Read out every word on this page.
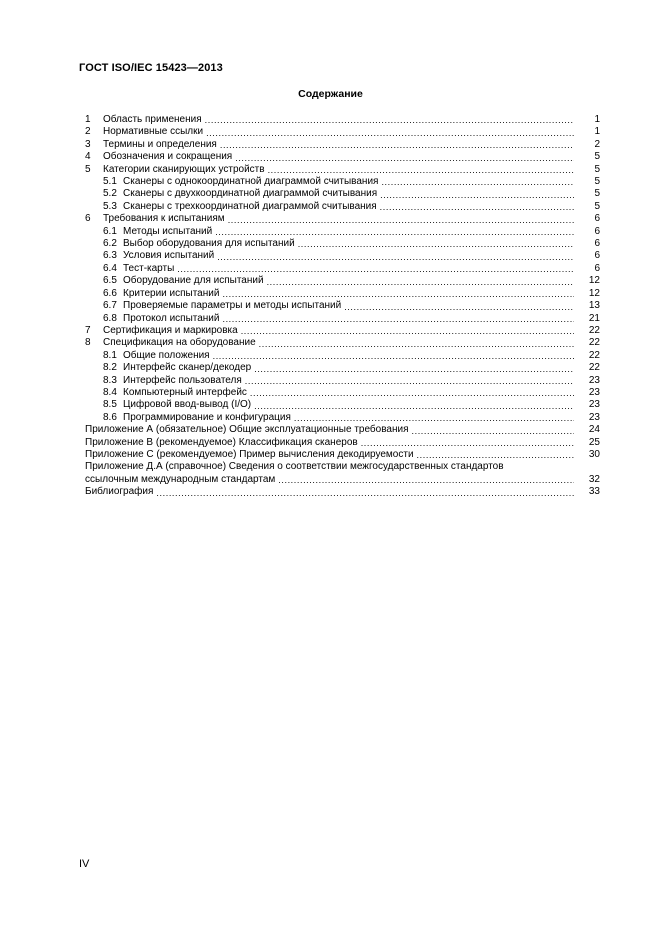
ГОСТ ISO/IEC 15423—2013
Содержание
1	Область применения .....	1
2	Нормативные ссылки .....	1
3	Термины и определения .....	2
4	Обозначения и сокращения .....	5
5	Категории сканирующих устройств .....	5
5.1 Сканеры с однокоординатной диаграммой считывания .....	5
5.2 Сканеры с двухкоординатной диаграммой считывания .....	5
5.3 Сканеры с трехкоординатной диаграммой считывания .....	5
6	Требования к испытаниям .....	6
6.1 Методы испытаний .....	6
6.2 Выбор оборудования для испытаний .....	6
6.3 Условия испытаний .....	6
6.4 Тест-карты .....	6
6.5 Оборудование для испытаний .....	12
6.6 Критерии испытаний .....	12
6.7 Проверяемые параметры и методы испытаний .....	13
6.8 Протокол испытаний .....	21
7	Сертификация и маркировка .....	22
8	Спецификация на оборудование .....	22
8.1 Общие положения .....	22
8.2 Интерфейс сканер/декодер .....	22
8.3 Интерфейс пользователя .....	23
8.4 Компьютерный интерфейс .....	23
8.5 Цифровой ввод-вывод (I/O) .....	23
8.6 Программирование и конфигурация .....	23
Приложение А (обязательное) Общие эксплуатационные требования .....	24
Приложение В (рекомендуемое) Классификация сканеров .....	25
Приложение С (рекомендуемое) Пример вычисления декодируемости .....	30
Приложение Д.А (справочное) Сведения о соответствии межгосударственных стандартов
ссылочным международным стандартам .....	32
Библиография .....	33
IV
